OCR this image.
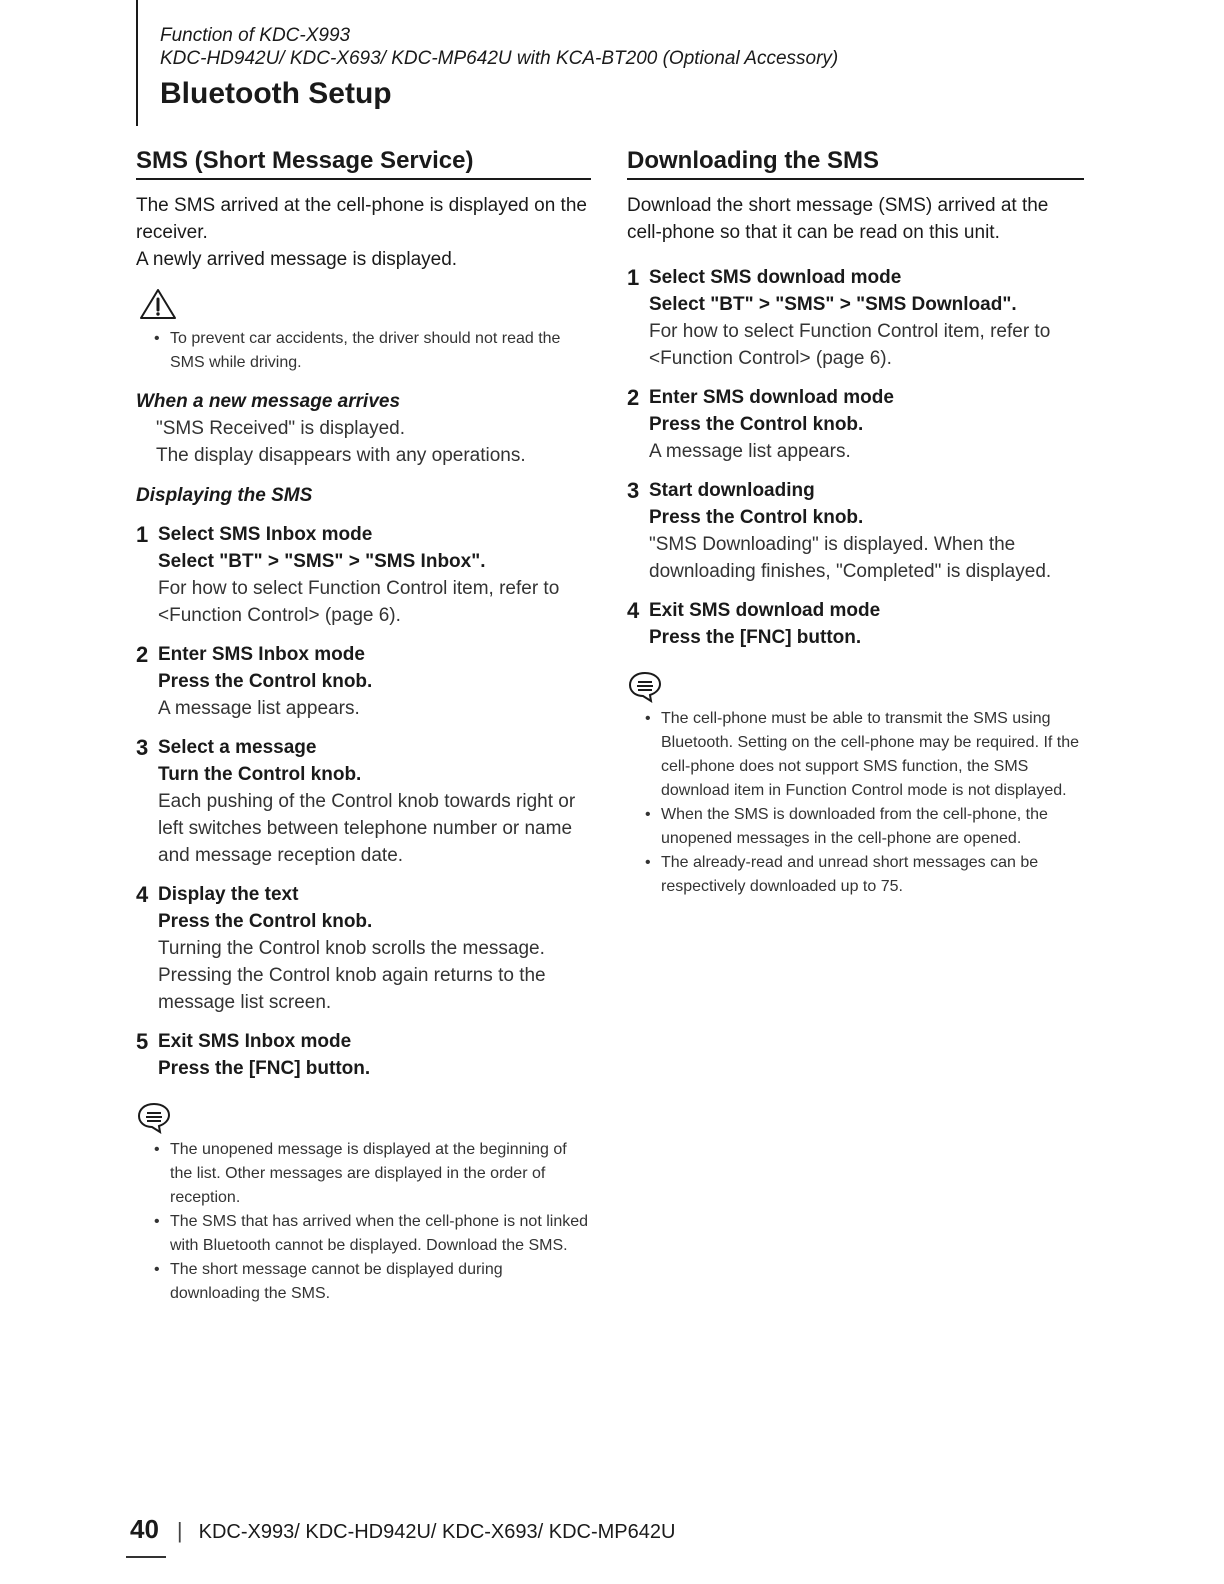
Function of KDC-X993

KDC-HD942U/ KDC-X693/ KDC-MP642U with KCA-BT200 (Optional Accessory)

Bluetooth Setup
SMS (Short Message Service)

The SMS arrived at the cell-phone is displayed on the receiver.

A newly arrived message is displayed.

• To prevent car accidents, the driver should not read the SMS while driving.

When a new message arrives

"SMS Received" is displayed.

The display disappears with any operations.

Displaying the SMS

1 Select SMS Inbox mode

Select "BT" > "SMS" > "SMS Inbox".

For how to select Function Control item, refer to <Function Control> (page 6).

2 Enter SMS Inbox mode

Press the Control knob.

A message list appears.

3 Select a message

Turn the Control knob.

Each pushing of the Control knob towards right or left switches between telephone number or name and message reception date.

4 Display the text

Press the Control knob.

Turning the Control knob scrolls the message. Pressing the Control knob again returns to the message list screen.

5 Exit SMS Inbox mode

Press the [FNC] button.

• The unopened message is displayed at the beginning of the list. Other messages are displayed in the order of reception.
• The SMS that has arrived when the cell-phone is not linked with Bluetooth cannot be displayed. Download the SMS.
• The short message cannot be displayed during downloading the SMS.
Downloading the SMS

Download the short message (SMS) arrived at the cell-phone so that it can be read on this unit.

1 Select SMS download mode

Select "BT" > "SMS" > "SMS Download".

For how to select Function Control item, refer to <Function Control> (page 6).

2 Enter SMS download mode

Press the Control knob.

A message list appears.

3 Start downloading

Press the Control knob.

"SMS Downloading" is displayed. When the downloading finishes, "Completed" is displayed.

4 Exit SMS download mode

Press the [FNC] button.

• The cell-phone must be able to transmit the SMS using Bluetooth. Setting on the cell-phone may be required. If the cell-phone does not support SMS function, the SMS download item in Function Control mode is not displayed.
• When the SMS is downloaded from the cell-phone, the unopened messages in the cell-phone are opened.
• The already-read and unread short messages can be respectively downloaded up to 75.
40 | KDC-X993/ KDC-HD942U/ KDC-X693/ KDC-MP642U
